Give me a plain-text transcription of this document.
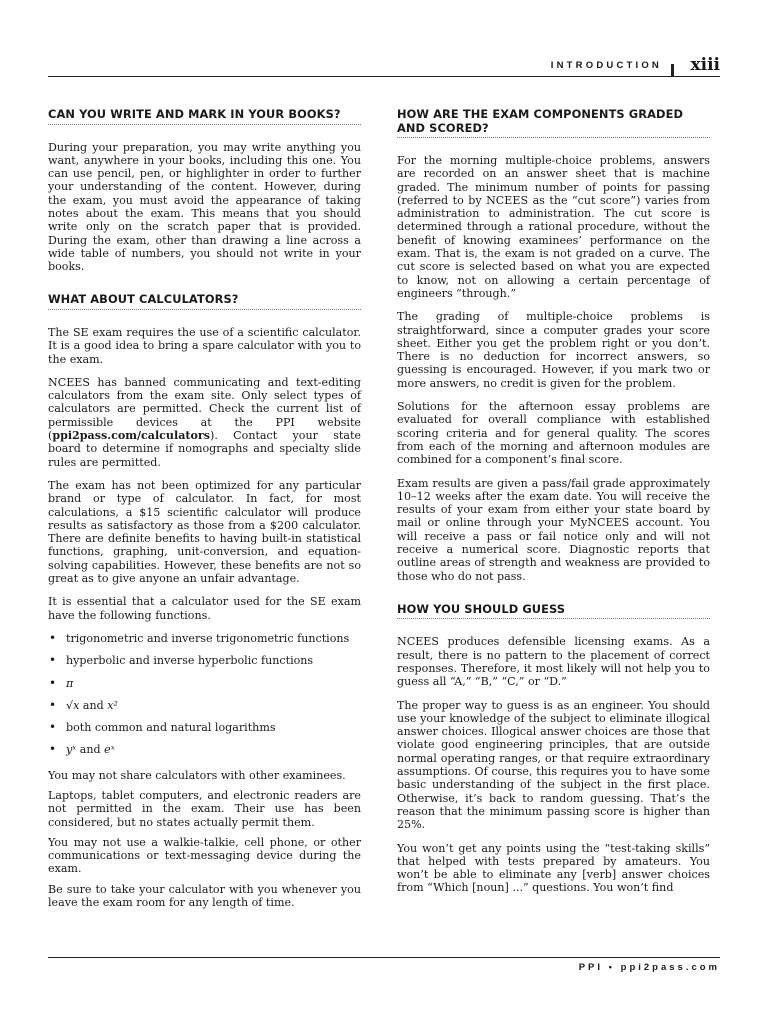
INTRODUCTION xiii
CAN YOU WRITE AND MARK IN YOUR BOOKS?

During your preparation, you may write anything you want, anywhere in your books, including this one. You can use pencil, pen, or highlighter in order to further your understanding of the content. However, during the exam, you must avoid the appearance of taking notes about the exam. This means that you should write only on the scratch paper that is provided. During the exam, other than drawing a line across a wide table of numbers, you should not write in your books.

WHAT ABOUT CALCULATORS?

The SE exam requires the use of a scientific calculator. It is a good idea to bring a spare calculator with you to the exam.

NCEES has banned communicating and text-editing calculators from the exam site. Only select types of calculators are permitted. Check the current list of permissible devices at the PPI website (ppi2pass.com/calculators). Contact your state board to determine if nomographs and specialty slide rules are permitted.

The exam has not been optimized for any particular brand or type of calculator. In fact, for most calculations, a $15 scientific calculator will produce results as satisfactory as those from a $200 calculator. There are definite benefits to having built-in statistical functions, graphing, unit-conversion, and equation-solving capabilities. However, these benefits are not so great as to give anyone an unfair advantage.

It is essential that a calculator used for the SE exam have the following functions.

• trigonometric and inverse trigonometric functions
• hyperbolic and inverse hyperbolic functions
• π
• √x and x²
• both common and natural logarithms
• yˣ and eˣ

You may not share calculators with other examinees.

Laptops, tablet computers, and electronic readers are not permitted in the exam. Their use has been considered, but no states actually permit them.

You may not use a walkie-talkie, cell phone, or other communications or text-messaging device during the exam.

Be sure to take your calculator with you whenever you leave the exam room for any length of time.

HOW ARE THE EXAM COMPONENTS GRADED AND SCORED?

For the morning multiple-choice problems, answers are recorded on an answer sheet that is machine graded. The minimum number of points for passing (referred to by NCEES as the “cut score”) varies from administration to administration. The cut score is determined through a rational procedure, without the benefit of knowing examinees’ performance on the exam. That is, the exam is not graded on a curve. The cut score is selected based on what you are expected to know, not on allowing a certain percentage of engineers “through.”

The grading of multiple-choice problems is straightforward, since a computer grades your score sheet. Either you get the problem right or you don’t. There is no deduction for incorrect answers, so guessing is encouraged. However, if you mark two or more answers, no credit is given for the problem.

Solutions for the afternoon essay problems are evaluated for overall compliance with established scoring criteria and for general quality. The scores from each of the morning and afternoon modules are combined for a component’s final score.

Exam results are given a pass/fail grade approximately 10–12 weeks after the exam date. You will receive the results of your exam from either your state board by mail or online through your MyNCEES account. You will receive a pass or fail notice only and will not receive a numerical score. Diagnostic reports that outline areas of strength and weakness are provided to those who do not pass.

HOW YOU SHOULD GUESS

NCEES produces defensible licensing exams. As a result, there is no pattern to the placement of correct responses. Therefore, it most likely will not help you to guess all “A,” “B,” “C,” or “D.”

The proper way to guess is as an engineer. You should use your knowledge of the subject to eliminate illogical answer choices. Illogical answer choices are those that violate good engineering principles, that are outside normal operating ranges, or that require extraordinary assumptions. Of course, this requires you to have some basic understanding of the subject in the first place. Otherwise, it’s back to random guessing. That’s the reason that the minimum passing score is higher than 25%.

You won’t get any points using the “test-taking skills” that helped with tests prepared by amateurs. You won’t be able to eliminate any [verb] answer choices from “Which [noun] ...” questions. You won’t find

PPI • ppi2pass.com
